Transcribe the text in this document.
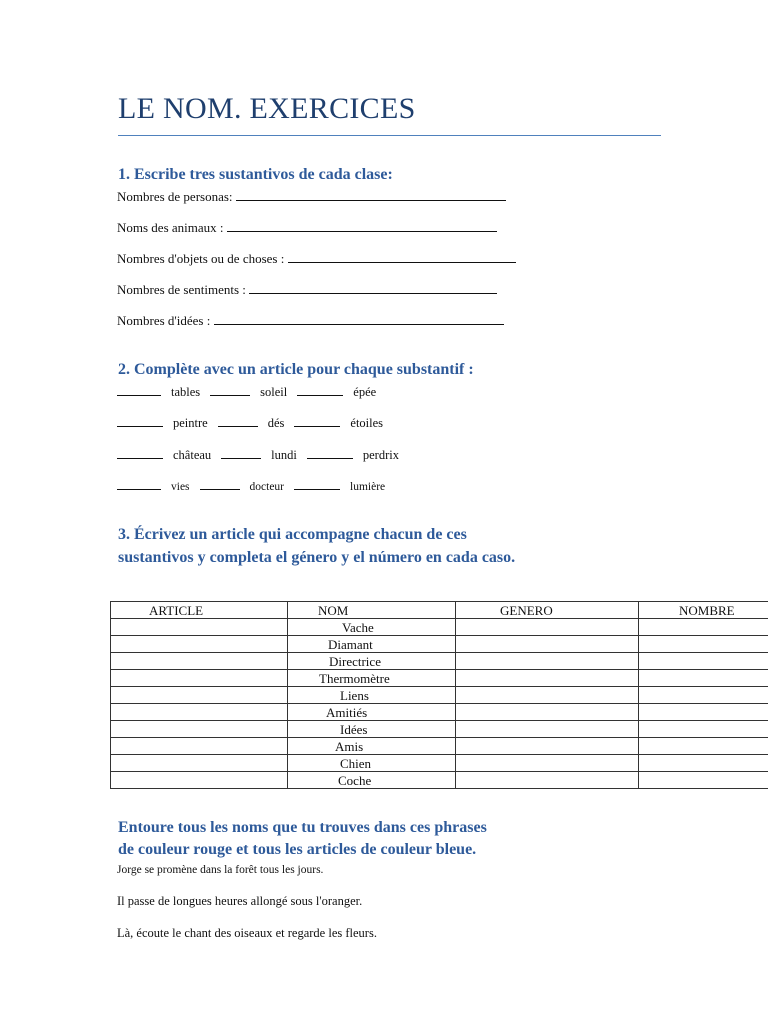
LE NOM. EXERCICES
1. Escribe tres sustantivos de cada clase:
Nombres de personas:
Noms des animaux :
Nombres d'objets ou de choses :
Nombres de sentiments :
Nombres d'idées :
2. Complète avec un article pour chaque substantif :
tables	soleil	épée
peintre	dés	étoiles
château	lundi	perdrix
vies	docteur	lumière
3. Écrivez un article qui accompagne chacun de ces
sustantivos y completa el género y el número en cada caso.
ARTICLE	NOM	GENERO	NOMBRE
	Vache		
	Diamant		
	Directrice		
	Thermomètre		
	Liens		
	Amitiés		
	Idées		
	Amis		
	Chien		
	Coche		
Entoure tous les noms que tu trouves dans ces phrases
de couleur rouge et tous les articles de couleur bleue.
Jorge se promène dans la forêt tous les jours.
Il passe de longues heures allongé sous l'oranger.
Là, écoute le chant des oiseaux et regarde les fleurs.
